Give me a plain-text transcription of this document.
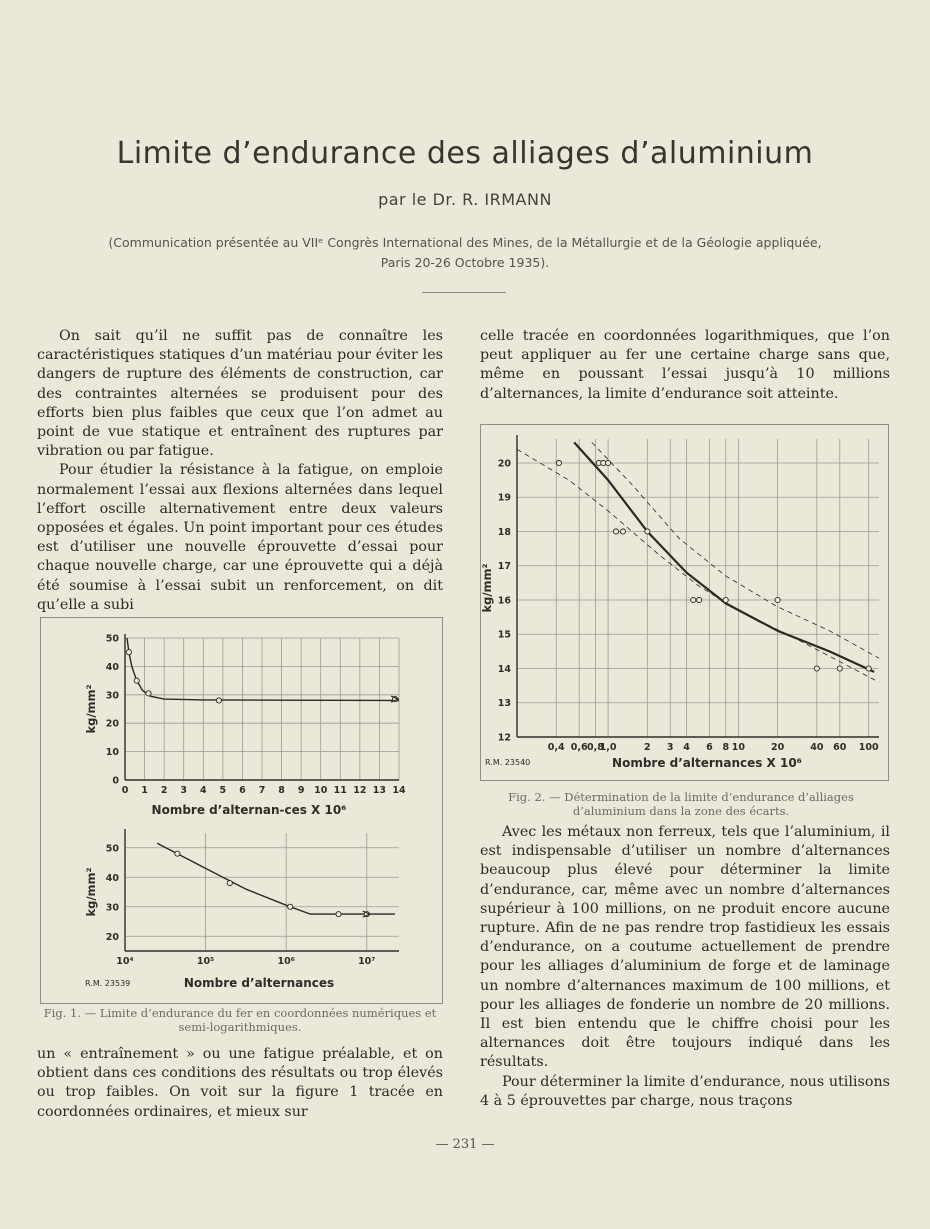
Limite d’endurance des alliages d’aluminium
par le Dr. R. IRMANN
(Communication présentée au VIIᵉ Congrès International des Mines, de la Métallurgie et de la Géologie appliquée,
Paris 20-26 Octobre 1935).

On sait qu’il ne suffit pas de connaître les caractéristiques statiques d’un matériau pour éviter les dangers de rupture des éléments de construction, car des contraintes alternées se produisent pour des efforts bien plus faibles que ceux que l’on admet au point de vue statique et entraînent des ruptures par vibration ou par fatigue.

Pour étudier la résistance à la fatigue, on emploie normalement l’essai aux flexions alternées dans lequel l’effort oscille alternativement entre deux valeurs opposées et égales. Un point important pour ces études est d’utiliser une nouvelle éprouvette d’essai pour chaque nouvelle charge, car une éprouvette qui a déjà été soumise à l’essai subit un renforcement, on dit qu’elle a subi

celle tracée en coordonnées logarithmiques, que l’on peut appliquer au fer une certaine charge sans que, même en poussant l’essai jusqu’à 10 millions d’alternances, la limite d’endurance soit atteinte.

0 1 2 3 4 5 6 7 8 9 10 11 12 13 14
0
10
20
30
40
50
Nombre d’alternan-ces X 10⁶
kg/mm²
10⁴	10⁵	10⁶	10⁷
20
30
40
50
Nombre d’alternances
kg/mm²
R.M. 23539
Fig. 1. — Limite d’endurance du fer en coordonnées numériques et semi-logarithmiques.
0,4 0,6 0,8
1,0	2 3 4 6 8 10	20	40 60 100
12
13
14
15
16
17
18
19
20
Nombre d’alternances X 10⁶
kg/mm²
R.M. 23540
Fig. 2. — Détermination de la limite d’endurance d’alliages d’aluminium dans la zone des écarts.

un « entraînement » ou une fatigue préalable, et on obtient dans ces conditions des résultats ou trop élevés ou trop faibles. On voit sur la figure 1 tracée en coordonnées ordinaires, et mieux sur

Avec les métaux non ferreux, tels que l’aluminium, il est indispensable d’utiliser un nombre d’alternances beaucoup plus élevé pour déterminer la limite d’endurance, car, même avec un nombre d’alternances supérieur à 100 millions, on ne produit encore aucune rupture. Afin de ne pas rendre trop fastidieux les essais d’endurance, on a coutume actuellement de prendre pour les alliages d’aluminium de forge et de laminage un nombre d’alternances maximum de 100 millions, et pour les alliages de fonderie un nombre de 20 millions. Il est bien entendu que le chiffre choisi pour les alternances doit être toujours indiqué dans les résultats.

Pour déterminer la limite d’endurance, nous utilisons 4 à 5 éprouvettes par charge, nous traçons

— 231 —
